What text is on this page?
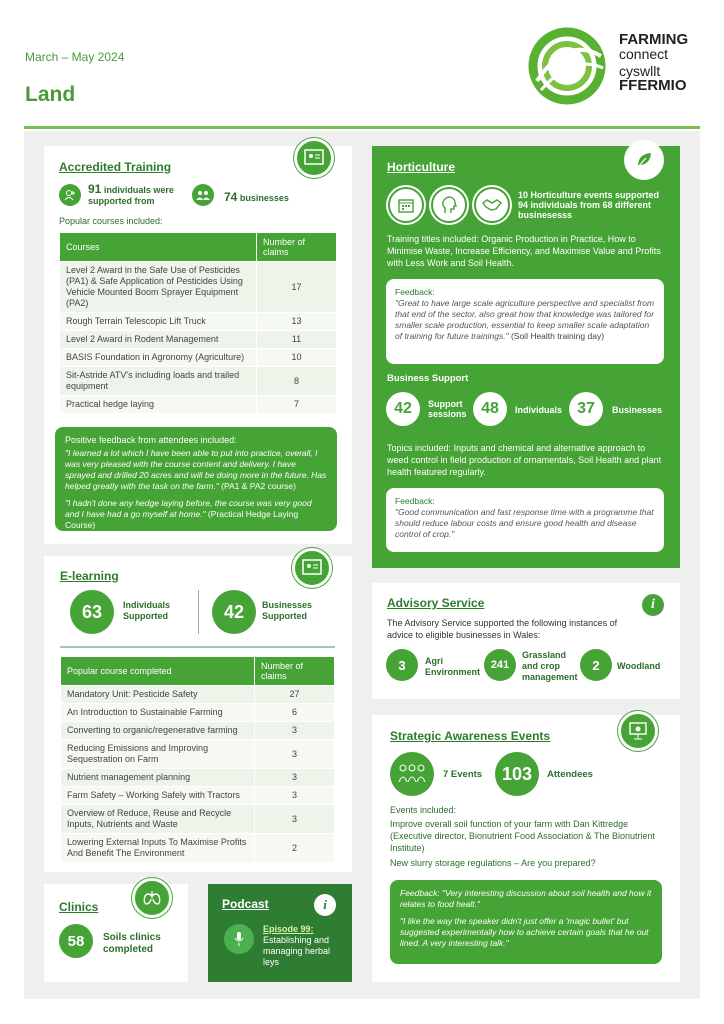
March – May 2024
Land
FARMING
connect
cyswllt
FFERMIO
Accredited Training
91 individuals were supported from	74 businesses
Popular courses included:
Courses	Number of claims
Level 2 Award in the Safe Use of Pesticides (PA1) & Safe Application of Pesticides Using Vehicle Mounted Boom Sprayer Equipment (PA2)	17
Rough Terrain Telescopic Lift Truck	13
Level 2 Award in Rodent Management	11
BASIS Foundation in Agronomy (Agriculture)	10
Sit-Astride ATV's including loads and trailed equipment	8
Practical hedge laying	7
Positive feedback from attendees included:
"I learned a lot which I have been able to put into practice, overall, I was very pleased with the course content and delivery. I have sprayed and drilled 20 acres and will be doing more in the future. Has helped greatly with the task on the farm." (PA1 & PA2 course)
"I hadn't done any hedge laying before, the course was very good and I have had a go myself at home." (Practical Hedge Laying Course)
E-learning
63	Individuals
Supported	42	Businesses
Supported
Popular course completed	Number of claims
Mandatory Unit: Pesticide Safety	27
An Introduction to Sustainable Farming	6
Converting to organic/regenerative farming	3
Reducing Emissions and Improving Sequestration on Farm	3
Nutrient management planning	3
Farm Safety – Working Safely with Tractors	3
Overview of Reduce, Reuse and Recycle Inputs, Nutrients and Waste	3
Lowering External Inputs To Maximise Profits And Benefit The Environment	2
Clinics
58	Soils clinics
completed
Podcast	i
Episode 99:
Establishing and managing herbal leys
Horticulture
10 Horticulture events supported 94 individuals from 68 different businesesss
Training titles included: Organic Production in Practice, How to Minimise Waste, Increase Efficiency, and Maximise Value and Profits with Less Work and Soil Health.
Feedback:
"Great to have large scale agriculture perspective and specialist from that end of the sector, also great how that knowledge was tailored for smaller scale production, essential to keep smaller scale adaptation of training for future trainings." (Soil Health training day)
Business Support
42	Support
sessions 48	Individuals 37	Businesses
Topics included: Inputs and chemical and alternative approach to weed control in field production of ornamentals, Soil Health and plant health featured regularly.
Feedback:
"Good communication and fast response time with a programme that should reduce labour costs and ensure good health and disease control of crop."
Advisory Service	i
The Advisory Service supported the following instances of advice to eligible businesses in Wales:
3	Agri
Environment
241
Grassland
and crop
management
2	Woodland
Strategic Awareness Events
7 Events	103	Attendees
Events included:
Improve overall soil function of your farm with Dan Kittredge (Executive director, Bionutrient Food Association & The Bionutrient Institute)
New slurry storage regulations – Are you prepared?
Feedback: "Very interesting discussion about soil health and how it relates to food healt."
"I like the way the speaker didn't just offer a 'magic bullet' but suggested experimentally how to achieve certain goals that he out lined. A very interesting talk."
